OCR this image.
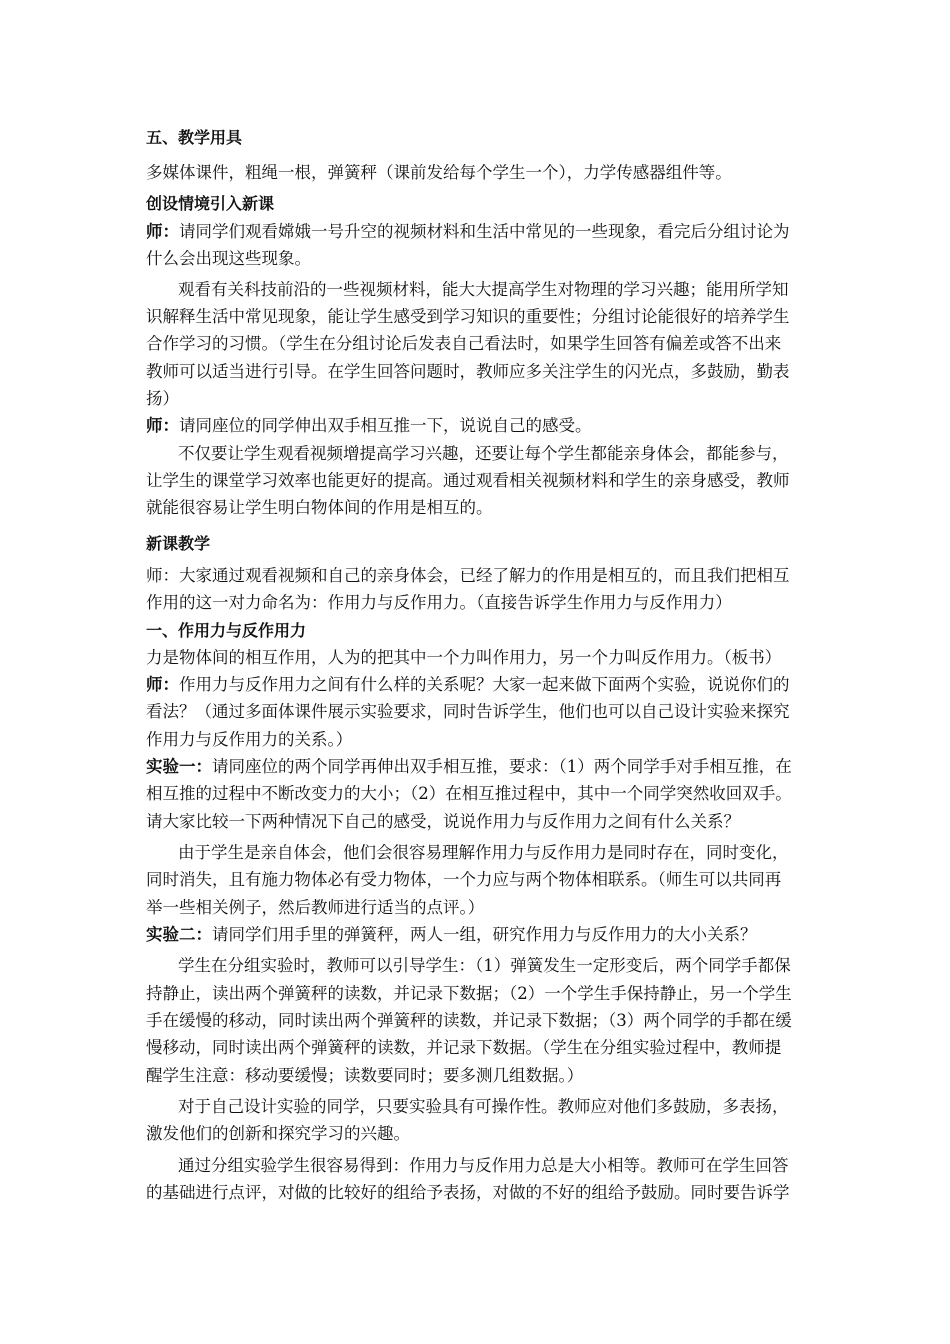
五、教学用具
多媒体课件，粗绳一根，弹簧秤（课前发给每个学生一个），力学传感器组件等。
创设情境引入新课
师：请同学们观看嫦娥一号升空的视频材料和生活中常见的一些现象，看完后分组讨论为
什么会出现这些现象。
观看有关科技前沿的一些视频材料，能大大提高学生对物理的学习兴趣；能用所学知
识解释生活中常见现象，能让学生感受到学习知识的重要性；分组讨论能很好的培养学生
合作学习的习惯。（学生在分组讨论后发表自己看法时，如果学生回答有偏差或答不出来
教师可以适当进行引导。在学生回答问题时，教师应多关注学生的闪光点，多鼓励，勤表
扬）
师：请同座位的同学伸出双手相互推一下，说说自己的感受。
不仅要让学生观看视频增提高学习兴趣，还要让每个学生都能亲身体会，都能参与，
让学生的课堂学习效率也能更好的提高。通过观看相关视频材料和学生的亲身感受，教师
就能很容易让学生明白物体间的作用是相互的。
新课教学
师：大家通过观看视频和自己的亲身体会，已经了解力的作用是相互的，而且我们把相互
作用的这一对力命名为：作用力与反作用力。（直接告诉学生作用力与反作用力）
一、作用力与反作用力
力是物体间的相互作用，人为的把其中一个力叫作用力，另一个力叫反作用力。（板书）
师：作用力与反作用力之间有什么样的关系呢？大家一起来做下面两个实验，说说你们的
看法？（通过多面体课件展示实验要求，同时告诉学生，他们也可以自己设计实验来探究
作用力与反作用力的关系。）
实验一：请同座位的两个同学再伸出双手相互推，要求：（1）两个同学手对手相互推，在
相互推的过程中不断改变力的大小；（2）在相互推过程中，其中一个同学突然收回双手。
请大家比较一下两种情况下自己的感受，说说作用力与反作用力之间有什么关系？
由于学生是亲自体会，他们会很容易理解作用力与反作用力是同时存在，同时变化，
同时消失，且有施力物体必有受力物体，一个力应与两个物体相联系。（师生可以共同再
举一些相关例子，然后教师进行适当的点评。）
实验二：请同学们用手里的弹簧秤，两人一组，研究作用力与反作用力的大小关系？
学生在分组实验时，教师可以引导学生：（1）弹簧发生一定形变后，两个同学手都保
持静止，读出两个弹簧秤的读数，并记录下数据；（2）一个学生手保持静止，另一个学生
手在缓慢的移动，同时读出两个弹簧秤的读数，并记录下数据；（3）两个同学的手都在缓
慢移动，同时读出两个弹簧秤的读数，并记录下数据。（学生在分组实验过程中，教师提
醒学生注意：移动要缓慢；读数要同时；要多测几组数据。）
对于自己设计实验的同学，只要实验具有可操作性。教师应对他们多鼓励，多表扬，
激发他们的创新和探究学习的兴趣。
通过分组实验学生很容易得到：作用力与反作用力总是大小相等。教师可在学生回答
的基础进行点评，对做的比较好的组给予表扬，对做的不好的组给予鼓励。同时要告诉学
